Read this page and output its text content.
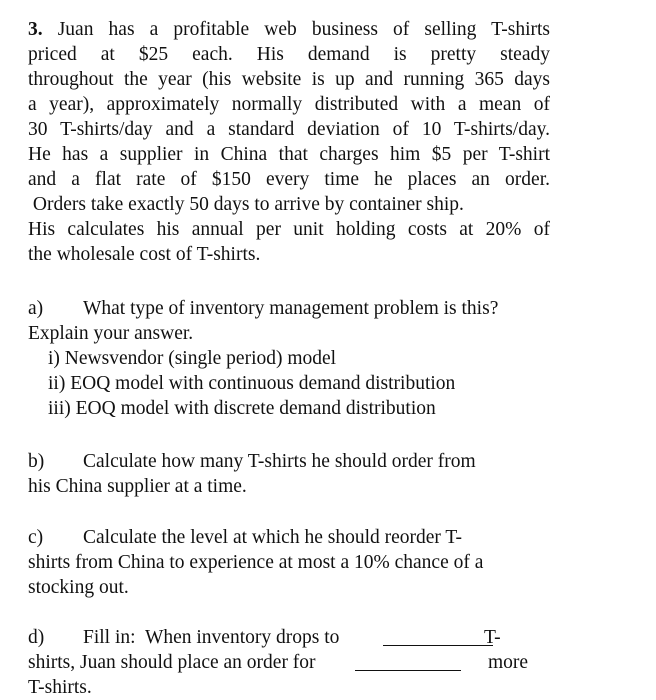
3. Juan has a profitable web business of selling T-shirts
priced at $25 each. His demand is pretty steady
throughout the year (his website is up and running 365 days
a year), approximately normally distributed with a mean of
30 T-shirts/day and a standard deviation of 10 T-shirts/day.
He has a supplier in China that charges him $5 per T-shirt
and a flat rate of $150 every time he places an order.
Orders take exactly 50 days to arrive by container ship.
His calculates his annual per unit holding costs at 20% of
the wholesale cost of T-shirts.
a) What type of inventory management problem is this?
Explain your answer.
i) Newsvendor (single period) model
ii) EOQ model with continuous demand distribution
iii) EOQ model with discrete demand distribution
b) Calculate how many T-shirts he should order from
his China supplier at a time.
c) Calculate the level at which he should reorder T-
shirts from China to experience at most a 10% chance of a
stocking out.
d) Fill in:  When inventory drops to	T-
shirts, Juan should place an order for	more
T-shirts.
